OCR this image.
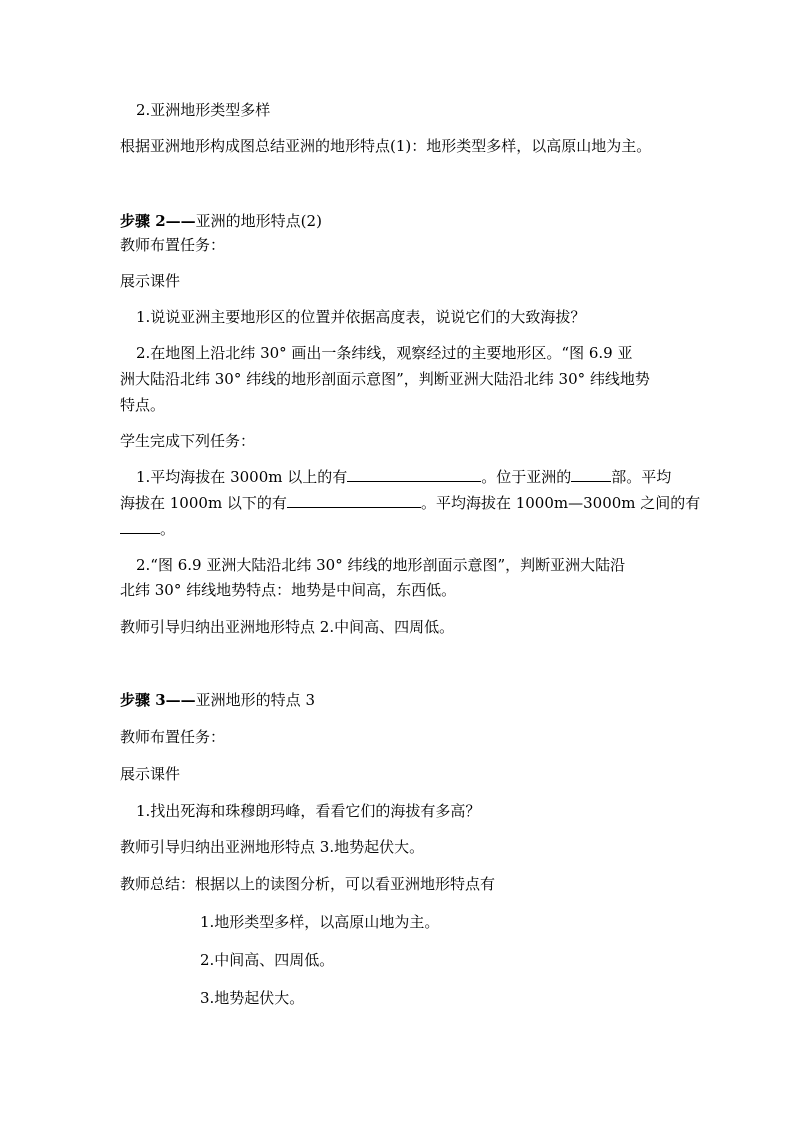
2.亚洲地形类型多样
根据亚洲地形构成图总结亚洲的地形特点(1)：地形类型多样，以高原山地为主。
步骤 2——亚洲的地形特点(2)
教师布置任务：
展示课件
1.说说亚洲主要地形区的位置并依据高度表，说说它们的大致海拔？
2.在地图上沿北纬 30° 画出一条纬线，观察经过的主要地形区。“图 6.9 亚
洲大陆沿北纬 30° 纬线的地形剖面示意图”，判断亚洲大陆沿北纬 30° 纬线地势
特点。
学生完成下列任务：
1.平均海拔在 3000m 以上的有	。位于亚洲的	部。平均
海拔在 1000m 以下的有	。平均海拔在 1000m—3000m 之间的有
。
2.“图 6.9 亚洲大陆沿北纬 30° 纬线的地形剖面示意图”，判断亚洲大陆沿
北纬 30° 纬线地势特点：地势是中间高，东西低。
教师引导归纳出亚洲地形特点 2.中间高、四周低。
步骤 3——亚洲地形的特点 3
教师布置任务：
展示课件
1.找出死海和珠穆朗玛峰，看看它们的海拔有多高？
教师引导归纳出亚洲地形特点 3.地势起伏大。
教师总结：根据以上的读图分析，可以看亚洲地形特点有
1.地形类型多样，以高原山地为主。
2.中间高、四周低。
3.地势起伏大。
